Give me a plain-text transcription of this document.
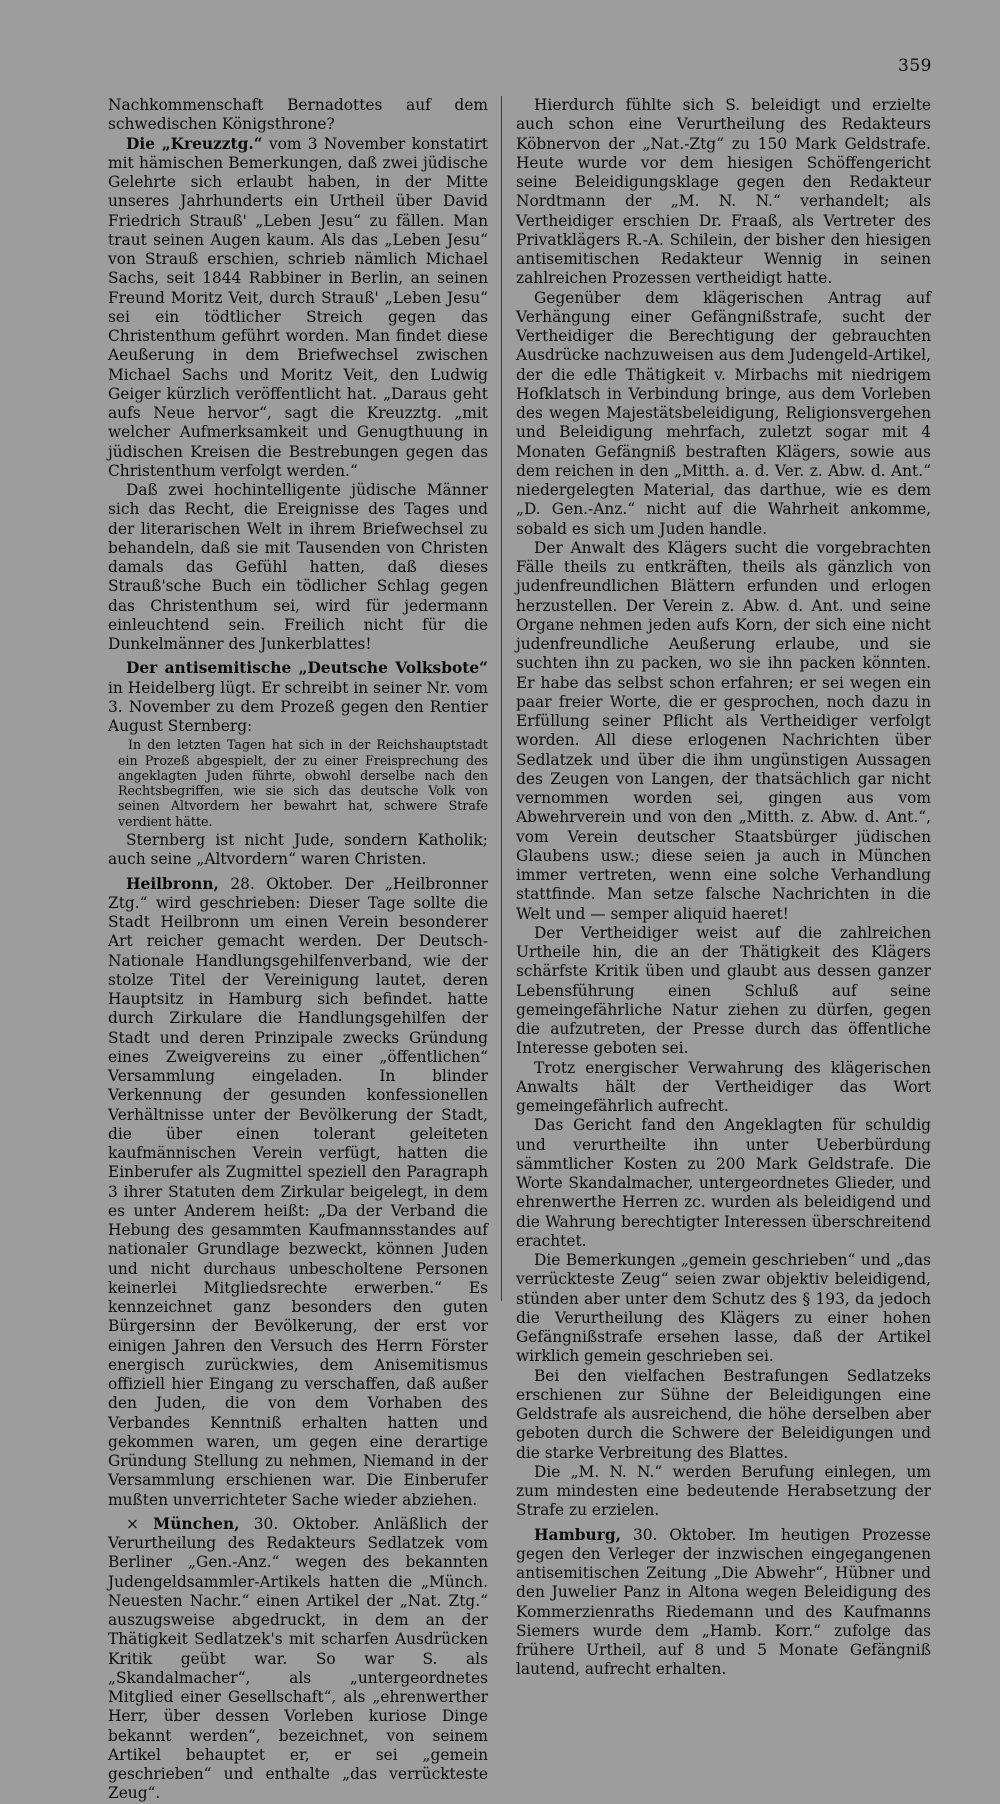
359

Nachkommenschaft Bernadottes auf dem schwedischen Königsthrone?

Die „Kreuzztg.“ vom 3 November konstatirt mit hämischen Bemerkungen, daß zwei jüdische Gelehrte sich erlaubt haben, in der Mitte unseres Jahrhunderts ein Urtheil über David Friedrich Strauß' „Leben Jesu“ zu fällen. Man traut seinen Augen kaum. Als das „Leben Jesu“ von Strauß erschien, schrieb nämlich Michael Sachs, seit 1844 Rabbiner in Berlin, an seinen Freund Moritz Veit, durch Strauß' „Leben Jesu“ sei ein tödtlicher Streich gegen das Christenthum geführt worden. Man findet diese Aeußerung in dem Briefwechsel zwischen Michael Sachs und Moritz Veit, den Ludwig Geiger kürzlich veröffentlicht hat. „Daraus geht aufs Neue hervor“, sagt die Kreuzztg. „mit welcher Aufmerksamkeit und Genugthuung in jüdischen Kreisen die Bestrebungen gegen das Christenthum verfolgt werden.“

Daß zwei hochintelligente jüdische Männer sich das Recht, die Ereignisse des Tages und der literarischen Welt in ihrem Briefwechsel zu behandeln, daß sie mit Tausenden von Christen damals das Gefühl hatten, daß dieses Strauß'sche Buch ein tödlicher Schlag gegen das Christenthum sei, wird für jedermann einleuchtend sein. Freilich nicht für die Dunkelmänner des Junkerblattes!

Der antisemitische „Deutsche Volksbote“ in Heidelberg lügt. Er schreibt in seiner Nr. vom 3. November zu dem Prozeß gegen den Rentier August Sternberg:

In den letzten Tagen hat sich in der Reichshauptstadt ein Prozeß abgespielt, der zu einer Freisprechung des angeklagten Juden führte, obwohl derselbe nach den Rechtsbegriffen, wie sie sich das deutsche Volk von seinen Altvordern her bewahrt hat, schwere Strafe verdient hätte.

Sternberg ist nicht Jude, sondern Katholik; auch seine „Altvordern“ waren Christen.

Heilbronn, 28. Oktober. Der „Heilbronner Ztg.“ wird geschrieben: Dieser Tage sollte die Stadt Heilbronn um einen Verein besonderer Art reicher gemacht werden. Der Deutsch-Nationale Handlungsgehilfenverband, wie der stolze Titel der Vereinigung lautet, deren Hauptsitz in Hamburg sich befindet. hatte durch Zirkulare die Handlungsgehilfen der Stadt und deren Prinzipale zwecks Gründung eines Zweigvereins zu einer „öffentlichen“ Versammlung eingeladen. In blinder Verkennung der gesunden konfessionellen Verhältnisse unter der Bevölkerung der Stadt, die über einen tolerant geleiteten kaufmännischen Verein verfügt, hatten die Einberufer als Zugmittel speziell den Paragraph 3 ihrer Statuten dem Zirkular beigelegt, in dem es unter Anderem heißt: „Da der Verband die Hebung des gesammten Kaufmannsstandes auf nationaler Grundlage bezweckt, können Juden und nicht durchaus unbescholtene Personen keinerlei Mitgliedsrechte erwerben.“ Es kennzeichnet ganz besonders den guten Bürgersinn der Bevölkerung, der erst vor einigen Jahren den Versuch des Herrn Förster energisch zurückwies, dem Anisemitismus offiziell hier Eingang zu verschaffen, daß außer den Juden, die von dem Vorhaben des Verbandes Kenntniß erhalten hatten und gekommen waren, um gegen eine derartige Gründung Stellung zu nehmen, Niemand in der Versammlung erschienen war. Die Einberufer mußten unverrichteter Sache wieder abziehen.

× München, 30. Oktober. Anläßlich der Verurtheilung des Redakteurs Sedlatzek vom Berliner „Gen.-Anz.“ wegen des bekannten Judengeldsammler-Artikels hatten die „Münch. Neuesten Nachr.“ einen Artikel der „Nat. Ztg.“ auszugsweise abgedruckt, in dem an der Thätigkeit Sedlatzek's mit scharfen Ausdrücken Kritik geübt war. So war S. als „Skandalmacher“, als „untergeordnetes Mitglied einer Gesellschaft“, als „ehrenwerther Herr, über dessen Vorleben kuriose Dinge bekannt werden“, bezeichnet, von seinem Artikel behauptet er, er sei „gemein geschrieben“ und enthalte „das verrückteste Zeug“.

Hierdurch fühlte sich S. beleidigt und erzielte auch schon eine Verurtheilung des Redakteurs Köbnervon der „Nat.-Ztg“ zu 150 Mark Geldstrafe. Heute wurde vor dem hiesigen Schöffengericht seine Beleidigungsklage gegen den Redakteur Nordtmann der „M. N. N.“ verhandelt; als Vertheidiger erschien Dr. Fraaß, als Vertreter des Privatklägers R.-A. Schilein, der bisher den hiesigen antisemitischen Redakteur Wennig in seinen zahlreichen Prozessen vertheidigt hatte.

Gegenüber dem klägerischen Antrag auf Verhängung einer Gefängnißstrafe, sucht der Vertheidiger die Berechtigung der gebrauchten Ausdrücke nachzuweisen aus dem Judengeld-Artikel, der die edle Thätigkeit v. Mirbachs mit niedrigem Hofklatsch in Verbindung bringe, aus dem Vorleben des wegen Majestätsbeleidigung, Religionsvergehen und Beleidigung mehrfach, zuletzt sogar mit 4 Monaten Gefängniß bestraften Klägers, sowie aus dem reichen in den „Mitth. a. d. Ver. z. Abw. d. Ant.“ niedergelegten Material, das darthue, wie es dem „D. Gen.-Anz.“ nicht auf die Wahrheit ankomme, sobald es sich um Juden handle.

Der Anwalt des Klägers sucht die vorgebrachten Fälle theils zu entkräften, theils als gänzlich von judenfreundlichen Blättern erfunden und erlogen herzustellen. Der Verein z. Abw. d. Ant. und seine Organe nehmen jeden aufs Korn, der sich eine nicht judenfreundliche Aeußerung erlaube, und sie suchten ihn zu packen, wo sie ihn packen könnten. Er habe das selbst schon erfahren; er sei wegen ein paar freier Worte, die er gesprochen, noch dazu in Erfüllung seiner Pflicht als Vertheidiger verfolgt worden. All diese erlogenen Nachrichten über Sedlatzek und über die ihm ungünstigen Aussagen des Zeugen von Langen, der thatsächlich gar nicht vernommen worden sei, gingen aus vom Abwehrverein und von den „Mitth. z. Abw. d. Ant.“, vom Verein deutscher Staatsbürger jüdischen Glaubens usw.; diese seien ja auch in München immer vertreten, wenn eine solche Verhandlung stattfinde. Man setze falsche Nachrichten in die Welt und — semper aliquid haeret!

Der Vertheidiger weist auf die zahlreichen Urtheile hin, die an der Thätigkeit des Klägers schärfste Kritik üben und glaubt aus dessen ganzer Lebensführung einen Schluß auf seine gemeingefährliche Natur ziehen zu dürfen, gegen die aufzutreten, der Presse durch das öffentliche Interesse geboten sei.

Trotz energischer Verwahrung des klägerischen Anwalts hält der Vertheidiger das Wort gemeingefährlich aufrecht.

Das Gericht fand den Angeklagten für schuldig und verurtheilte ihn unter Ueberbürdung sämmtlicher Kosten zu 200 Mark Geldstrafe. Die Worte Skandalmacher, untergeordnetes Glieder, und ehrenwerthe Herren zc. wurden als beleidigend und die Wahrung berechtigter Interessen überschreitend erachtet.

Die Bemerkungen „gemein geschrieben“ und „das verrückteste Zeug“ seien zwar objektiv beleidigend, stünden aber unter dem Schutz des § 193, da jedoch die Verurtheilung des Klägers zu einer hohen Gefängnißstrafe ersehen lasse, daß der Artikel wirklich gemein geschrieben sei.

Bei den vielfachen Bestrafungen Sedlatzeks erschienen zur Sühne der Beleidigungen eine Geldstrafe als ausreichend, die höhe derselben aber geboten durch die Schwere der Beleidigungen und die starke Verbreitung des Blattes.

Die „M. N. N.“ werden Berufung einlegen, um zum mindesten eine bedeutende Herabsetzung der Strafe zu erzielen.

Hamburg, 30. Oktober. Im heutigen Prozesse gegen den Verleger der inzwischen eingegangenen antisemitischen Zeitung „Die Abwehr“, Hübner und den Juwelier Panz in Altona wegen Beleidigung des Kommerzienraths Riedemann und des Kaufmanns Siemers wurde dem „Hamb. Korr.“ zufolge das frühere Urtheil, auf 8 und 5 Monate Gefängniß lautend, aufrecht erhalten.
